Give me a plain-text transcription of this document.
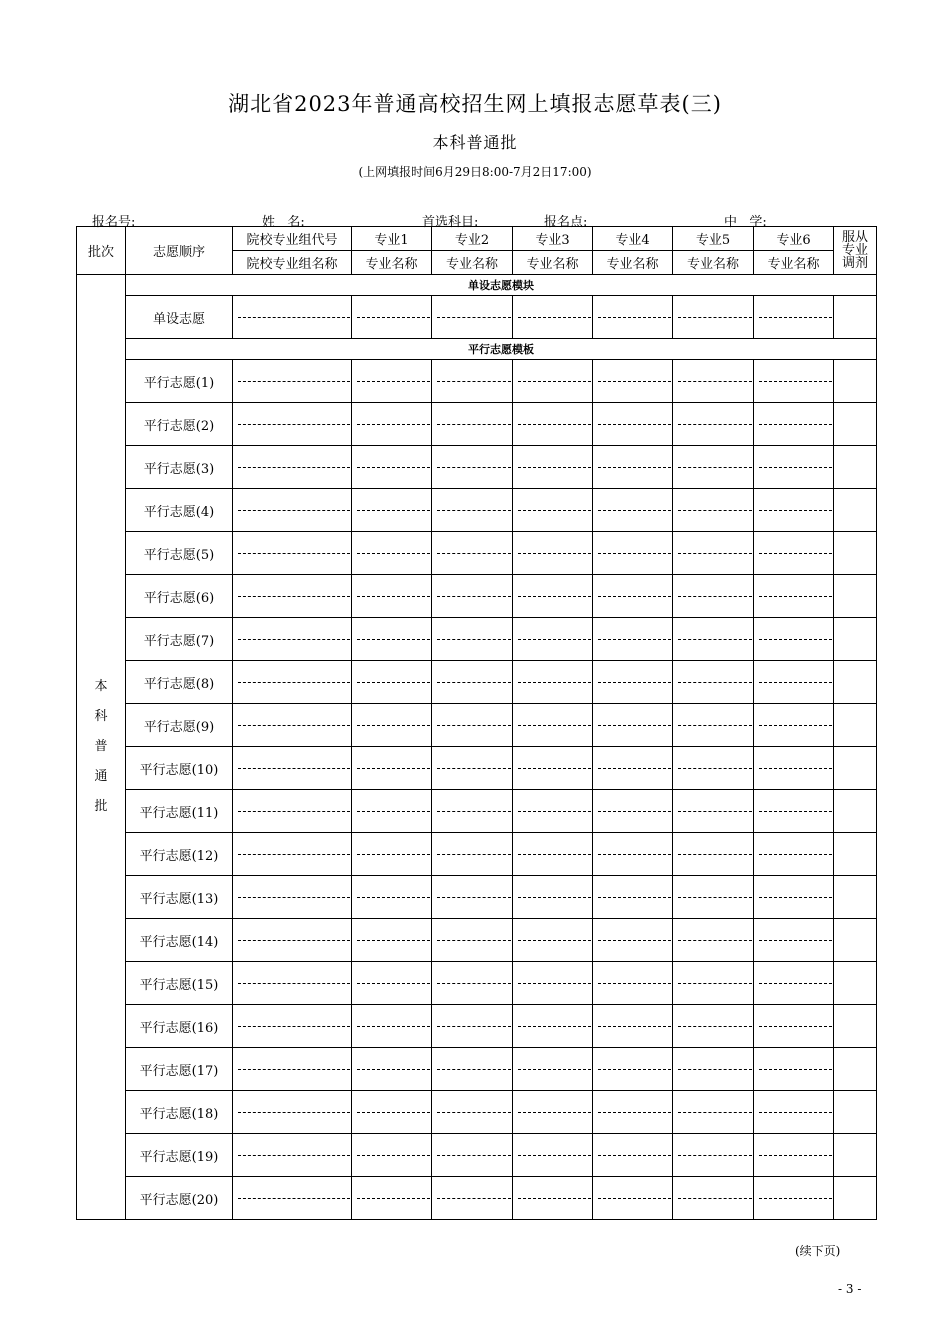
湖北省2023年普通高校招生网上填报志愿草表(三)
本科普通批
(上网填报时间6月29日8:00-7月2日17:00)
报名号:	姓   名:	首选科目:	报名点:	中   学:
批次	志愿顺序	院校专业组代号	专业1	专业2	专业3	专业4	专业5	专业6	服从
专业
调剂

		院校专业组名称	专业名称	专业名称	专业名称	专业名称	专业名称	专业名称	

本
科
普
通
批	单设志愿模块								
	单设志愿	

	平行志愿模板								
	平行志愿(1)	

	平行志愿(2)	

	平行志愿(3)	

	平行志愿(4)	

	平行志愿(5)	

	平行志愿(6)	

	平行志愿(7)	

	平行志愿(8)	

	平行志愿(9)	

	平行志愿(10)	

	平行志愿(11)	

	平行志愿(12)	

	平行志愿(13)	

	平行志愿(14)	

	平行志愿(15)	

	平行志愿(16)	

	平行志愿(17)	

	平行志愿(18)	

	平行志愿(19)	

	平行志愿(20)	

(续下页)
- 3 -
